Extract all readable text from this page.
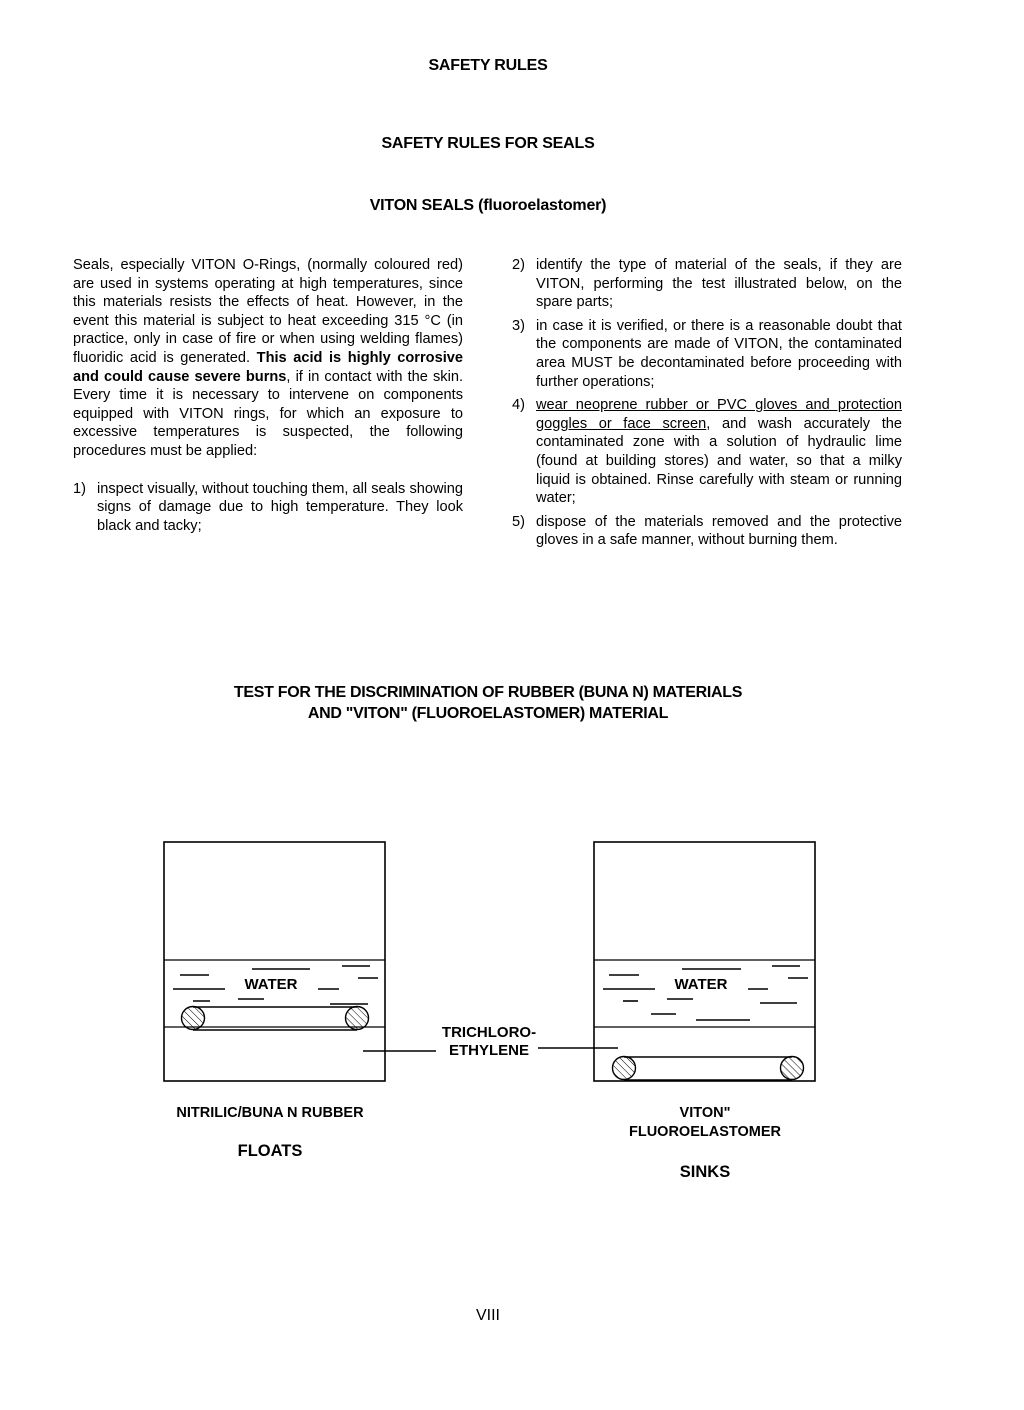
SAFETY RULES
SAFETY RULES FOR SEALS
VITON SEALS (fluoroelastomer)

Seals, especially VITON O-Rings, (normally coloured red) are used in systems operating at high temperatures, since this materials resists the effects of heat. However, in the event this material is subject to heat exceeding 315 °C (in practice, only in case of fire or when using welding flames) fluoridic acid is generated. This acid is highly corrosive and could cause severe burns, if in contact with the skin. Every time it is necessary to intervene on components equipped with VITON rings, for which an exposure to excessive temperatures is suspected, the following procedures must be applied:

1) inspect visually, without touching them, all seals showing signs of damage due to high temperature. They look black and tacky;
2) identify the type of material of the seals, if they are VITON, performing the test illustrated below, on the spare parts;
3) in case it is verified, or there is a reasonable doubt that the components are made of VITON, the contaminated area MUST be decontaminated before proceeding with further operations;
4) wear neoprene rubber or PVC gloves and protection goggles or face screen, and wash accurately the contaminated zone with a solution of hydraulic lime (found at building stores) and water, so that a milky liquid is obtained. Rinse carefully with steam or running water;
5) dispose of the materials removed and the protective gloves in a safe manner, without burning them.
TEST FOR THE DISCRIMINATION OF RUBBER (BUNA N) MATERIALS
AND "VITON" (FLUOROELASTOMER) MATERIAL
WATER	WATER
TRICHLORO-
ETHYLENE
NITRILIC/BUNA N RUBBER
FLOATS
VITON"
FLUOROELASTOMER
SINKS
VIII
